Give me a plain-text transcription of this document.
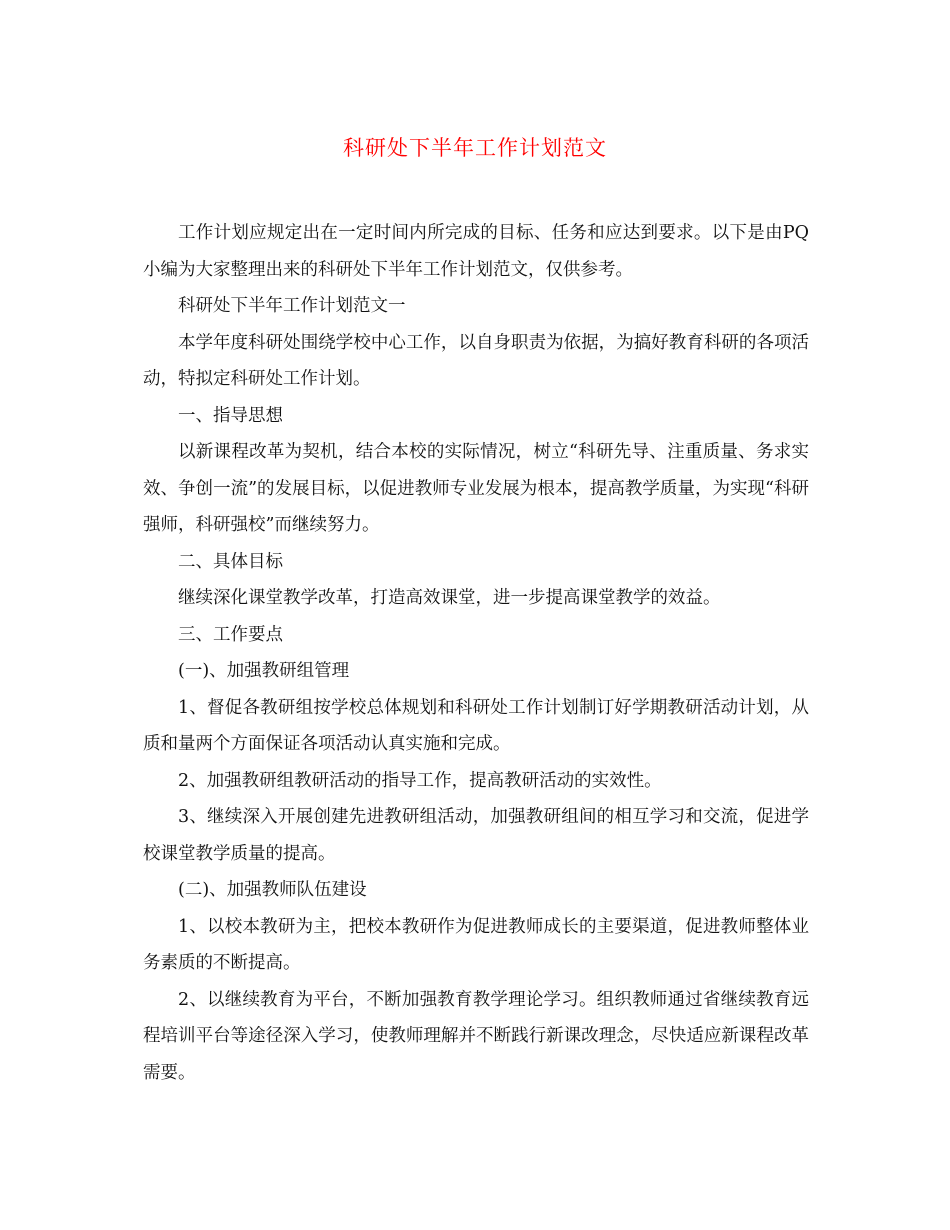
科研处下半年工作计划范文

工作计划应规定出在一定时间内所完成的目标、任务和应达到要求。以下是由PQ小编为大家整理出来的科研处下半年工作计划范文，仅供参考。

科研处下半年工作计划范文一

本学年度科研处围绕学校中心工作，以自身职责为依据，为搞好教育科研的各项活动，特拟定科研处工作计划。

一、指导思想

以新课程改革为契机，结合本校的实际情况，树立“科研先导、注重质量、务求实效、争创一流”的发展目标，以促进教师专业发展为根本，提高教学质量，为实现“科研强师，科研强校”而继续努力。

二、具体目标

继续深化课堂教学改革，打造高效课堂，进一步提高课堂教学的效益。

三、工作要点

(一)、加强教研组管理

1、督促各教研组按学校总体规划和科研处工作计划制订好学期教研活动计划，从质和量两个方面保证各项活动认真实施和完成。

2、加强教研组教研活动的指导工作，提高教研活动的实效性。

3、继续深入开展创建先进教研组活动，加强教研组间的相互学习和交流，促进学校课堂教学质量的提高。

(二)、加强教师队伍建设

1、以校本教研为主，把校本教研作为促进教师成长的主要渠道，促进教师整体业务素质的不断提高。

2、以继续教育为平台，不断加强教育教学理论学习。组织教师通过省继续教育远程培训平台等途径深入学习，使教师理解并不断践行新课改理念，尽快适应新课程改革需要。
